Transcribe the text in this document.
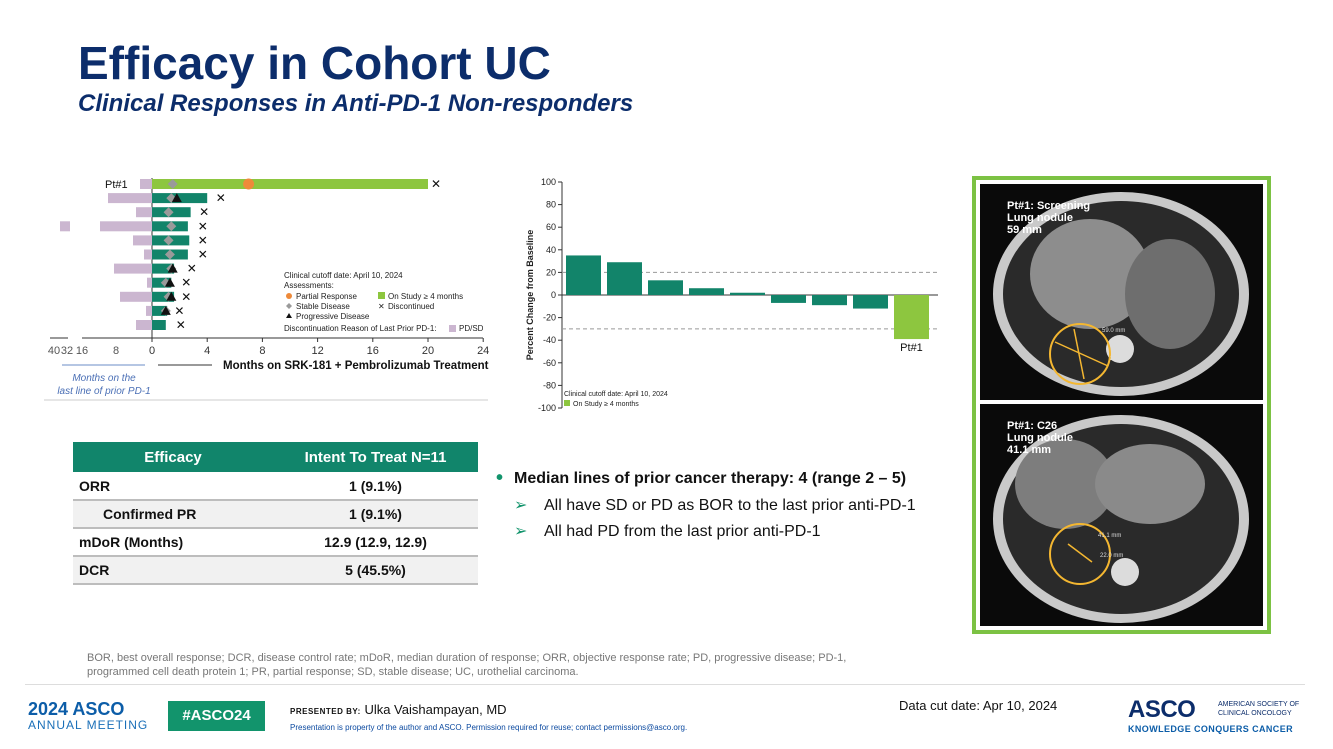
Efficacy in Cohort UC
Clinical Responses in Anti-PD-1 Non-responders
✕
✕
✕
✕
✕
✕
✕
✕
✕
✕
✕
Pt#1
0	4	8	12	16	20	24
40 32 16 8
Months on SRK-181 + Pembrolizumab Treatment
Months on the
last line of prior PD-1
Clinical cutoff date: April 10, 2024
Assessments:
Partial Response	On Study ≥ 4 months
Stable Disease	✕ Discontinued
Progressive Disease
Discontinuation Reason of Last Prior PD-1:	PD/SD
100
80
60
40
20
0
-20
-40
-60
-80
-100
Pt#1
Percent Change from Baseline
Clinical cutoff date: April 10, 2024
On Study ≥ 4 months
59.0 mm
20 mm
Pt#1: Screening
Lung nodule
59 mm
41.1 mm
22.0 mm
Pt#1: C26
Lung nodule
41.1 mm
Efficacy	Intent To Treat N=11
ORR	1 (9.1%)
Confirmed PR	1 (9.1%)
mDoR (Months)	12.9 (12.9, 12.9)
DCR	5 (45.5%)
• Median lines of prior cancer therapy: 4 (range 2 – 5)
➢ All have SD or PD as BOR to the last prior anti-PD-1
➢ All had PD from the last prior anti-PD-1
BOR, best overall response; DCR, disease control rate; mDoR, median duration of response; ORR, objective response rate; PD, progressive disease; PD-1, programmed cell death protein 1; PR, partial response; SD, stable disease; UC, urothelial carcinoma.
2024 ASCO
ANNUAL MEETING
#ASCO24	PRESENTED BY: Ulka Vaishampayan, MD
Presentation is property of the author and ASCO. Permission required for reuse; contact permissions@asco.org.
Data cut date: Apr 10, 2024	ASCO	AMERICAN SOCIETY OF CLINICAL ONCOLOGY
KNOWLEDGE CONQUERS CANCER
